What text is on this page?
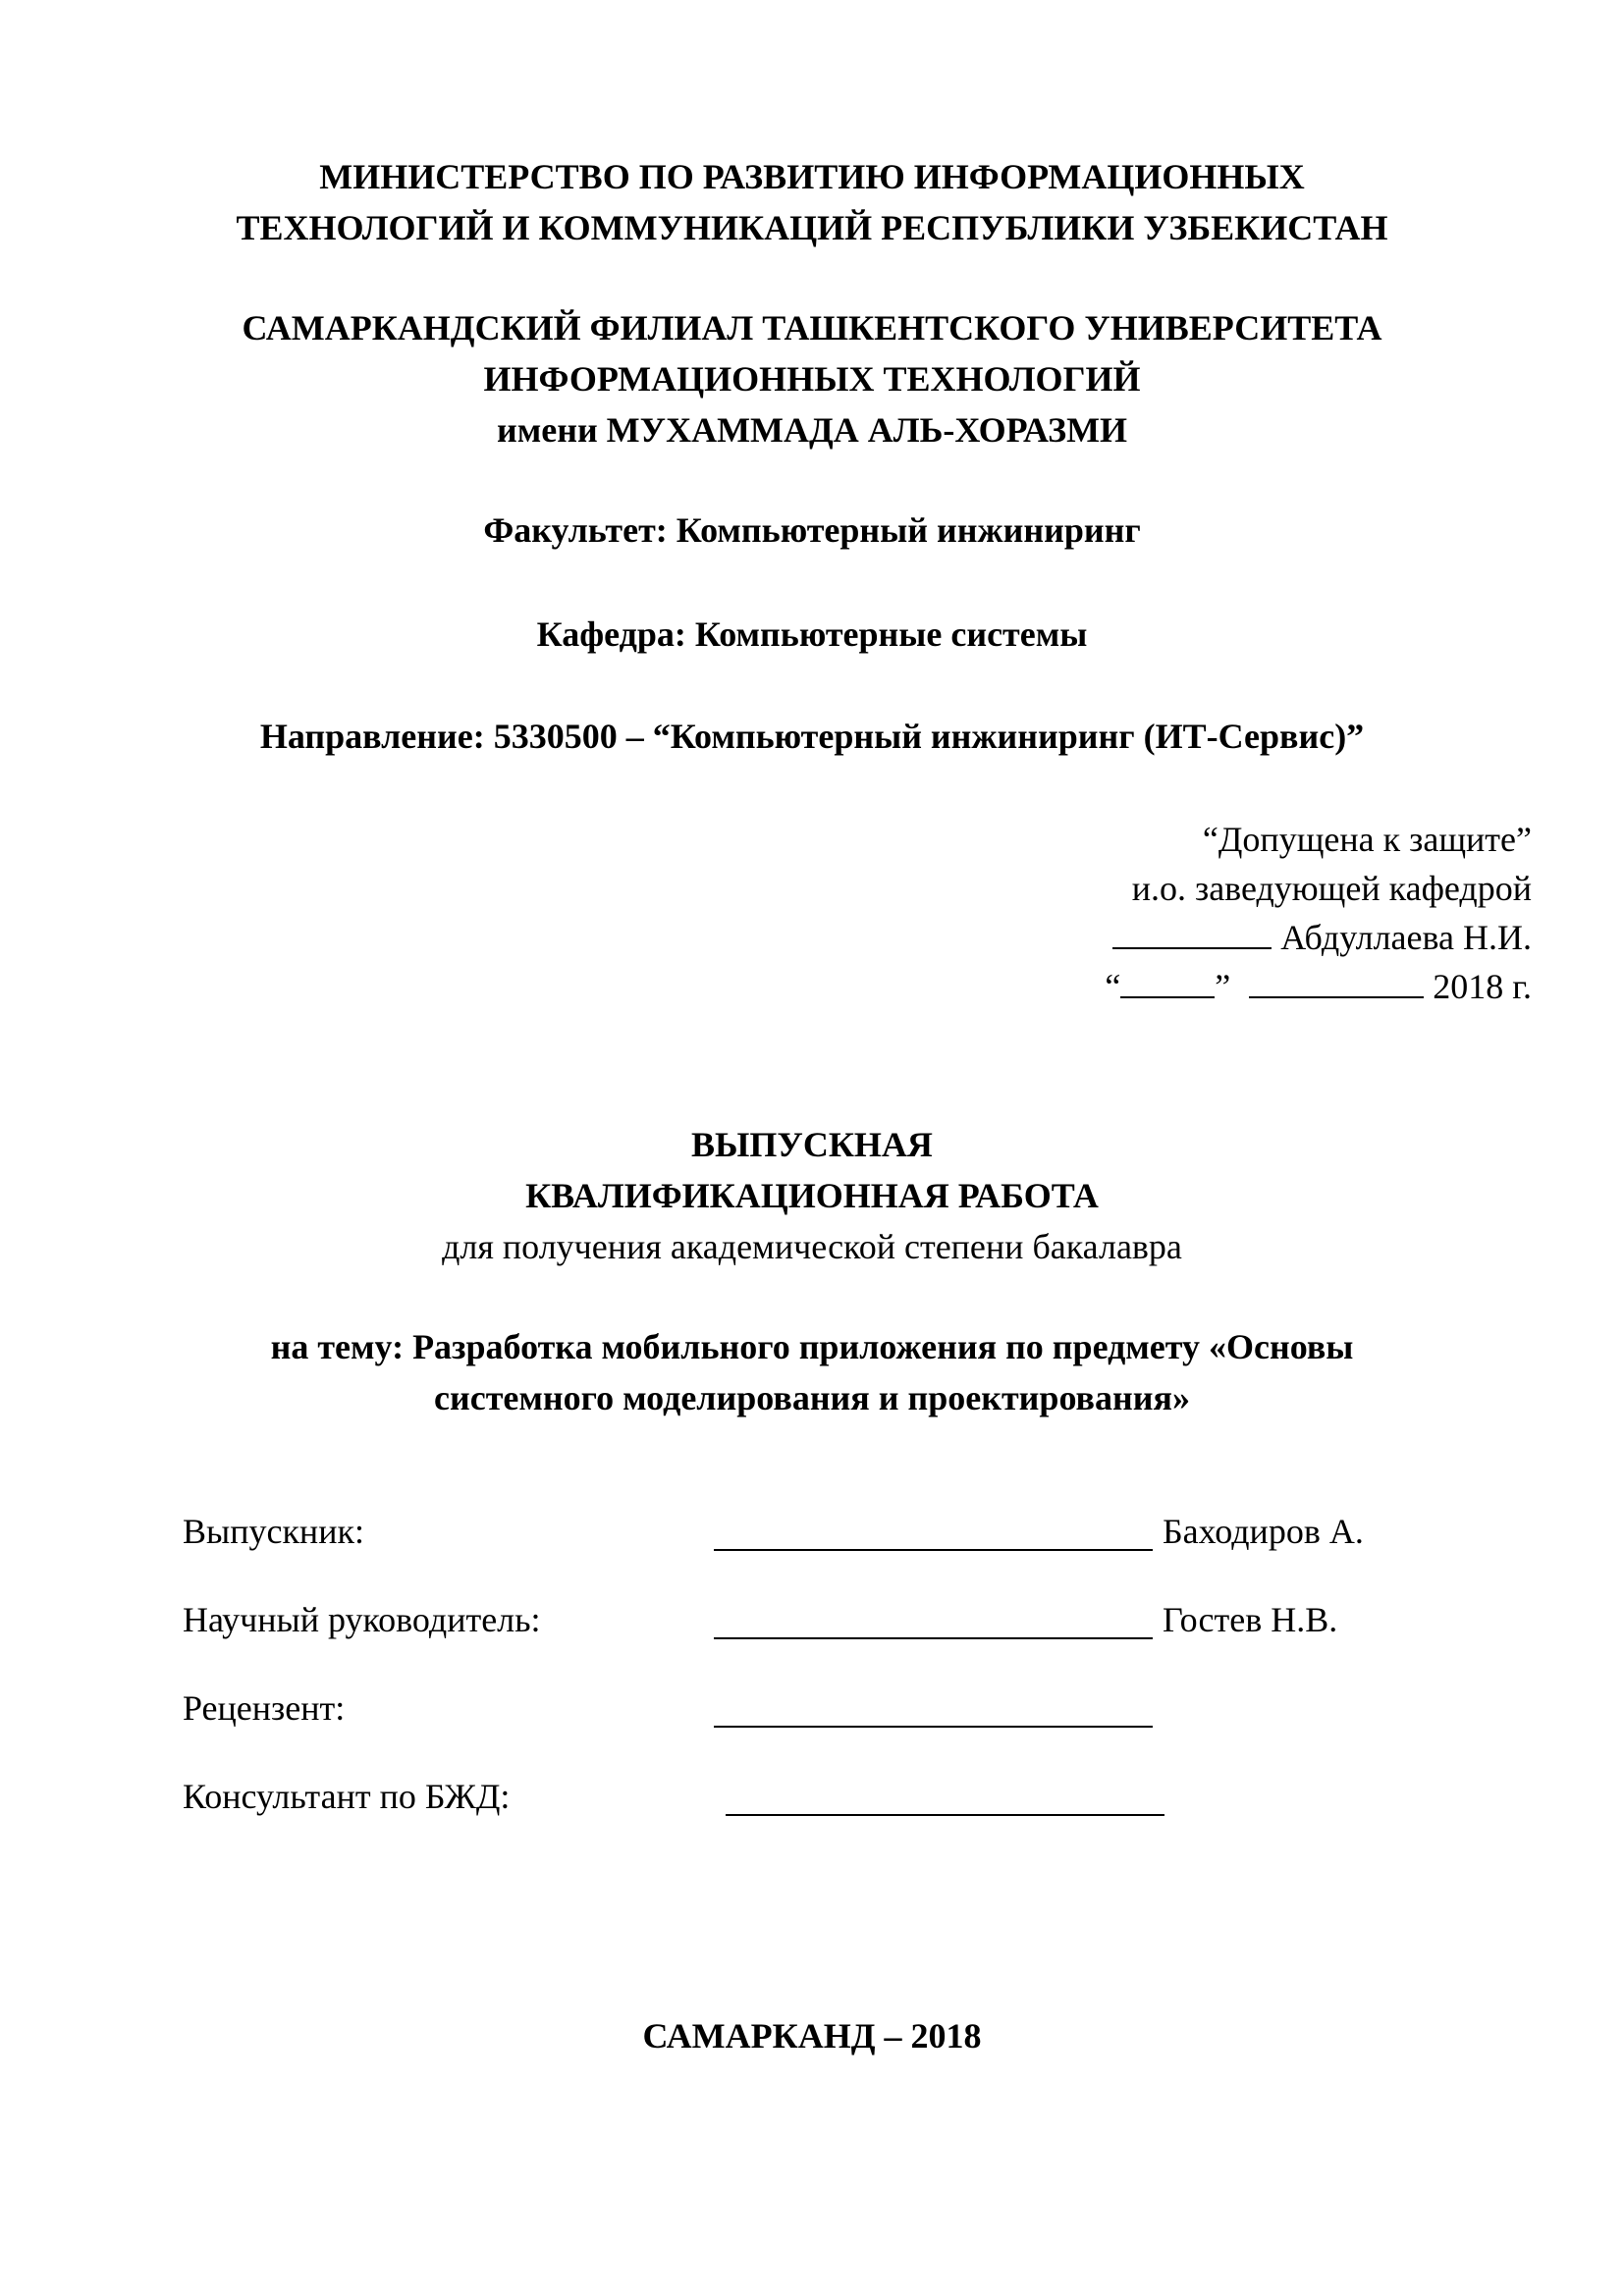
МИНИСТЕРСТВО ПО РАЗВИТИЮ ИНФОРМАЦИОННЫХ
ТЕХНОЛОГИЙ И КОММУНИКАЦИЙ РЕСПУБЛИКИ УЗБЕКИСТАН
САМАРКАНДСКИЙ ФИЛИАЛ ТАШКЕНТСКОГО УНИВЕРСИТЕТА
ИНФОРМАЦИОННЫХ ТЕХНОЛОГИЙ
имени МУХАММАДА АЛЬ-ХОРАЗМИ
Факультет: Компьютерный инжиниринг
Кафедра: Компьютерные системы
Направление: 5330500 – “Компьютерный инжиниринг (ИТ-Сервис)”
“Допущена к защите”
и.о. заведующей кафедрой
Абдуллаева Н.И.
“	”	2018 г.
ВЫПУСКНАЯ
КВАЛИФИКАЦИОННАЯ РАБОТА
для получения академической степени бакалавра
на тему: Разработка мобильного приложения по предмету «Основы
системного моделирования и проектирования»
Выпускник:	Баходиров А.
Научный руководитель:	Гостев Н.В.
Рецензент:
Консультант по БЖД:
САМАРКАНД – 2018
